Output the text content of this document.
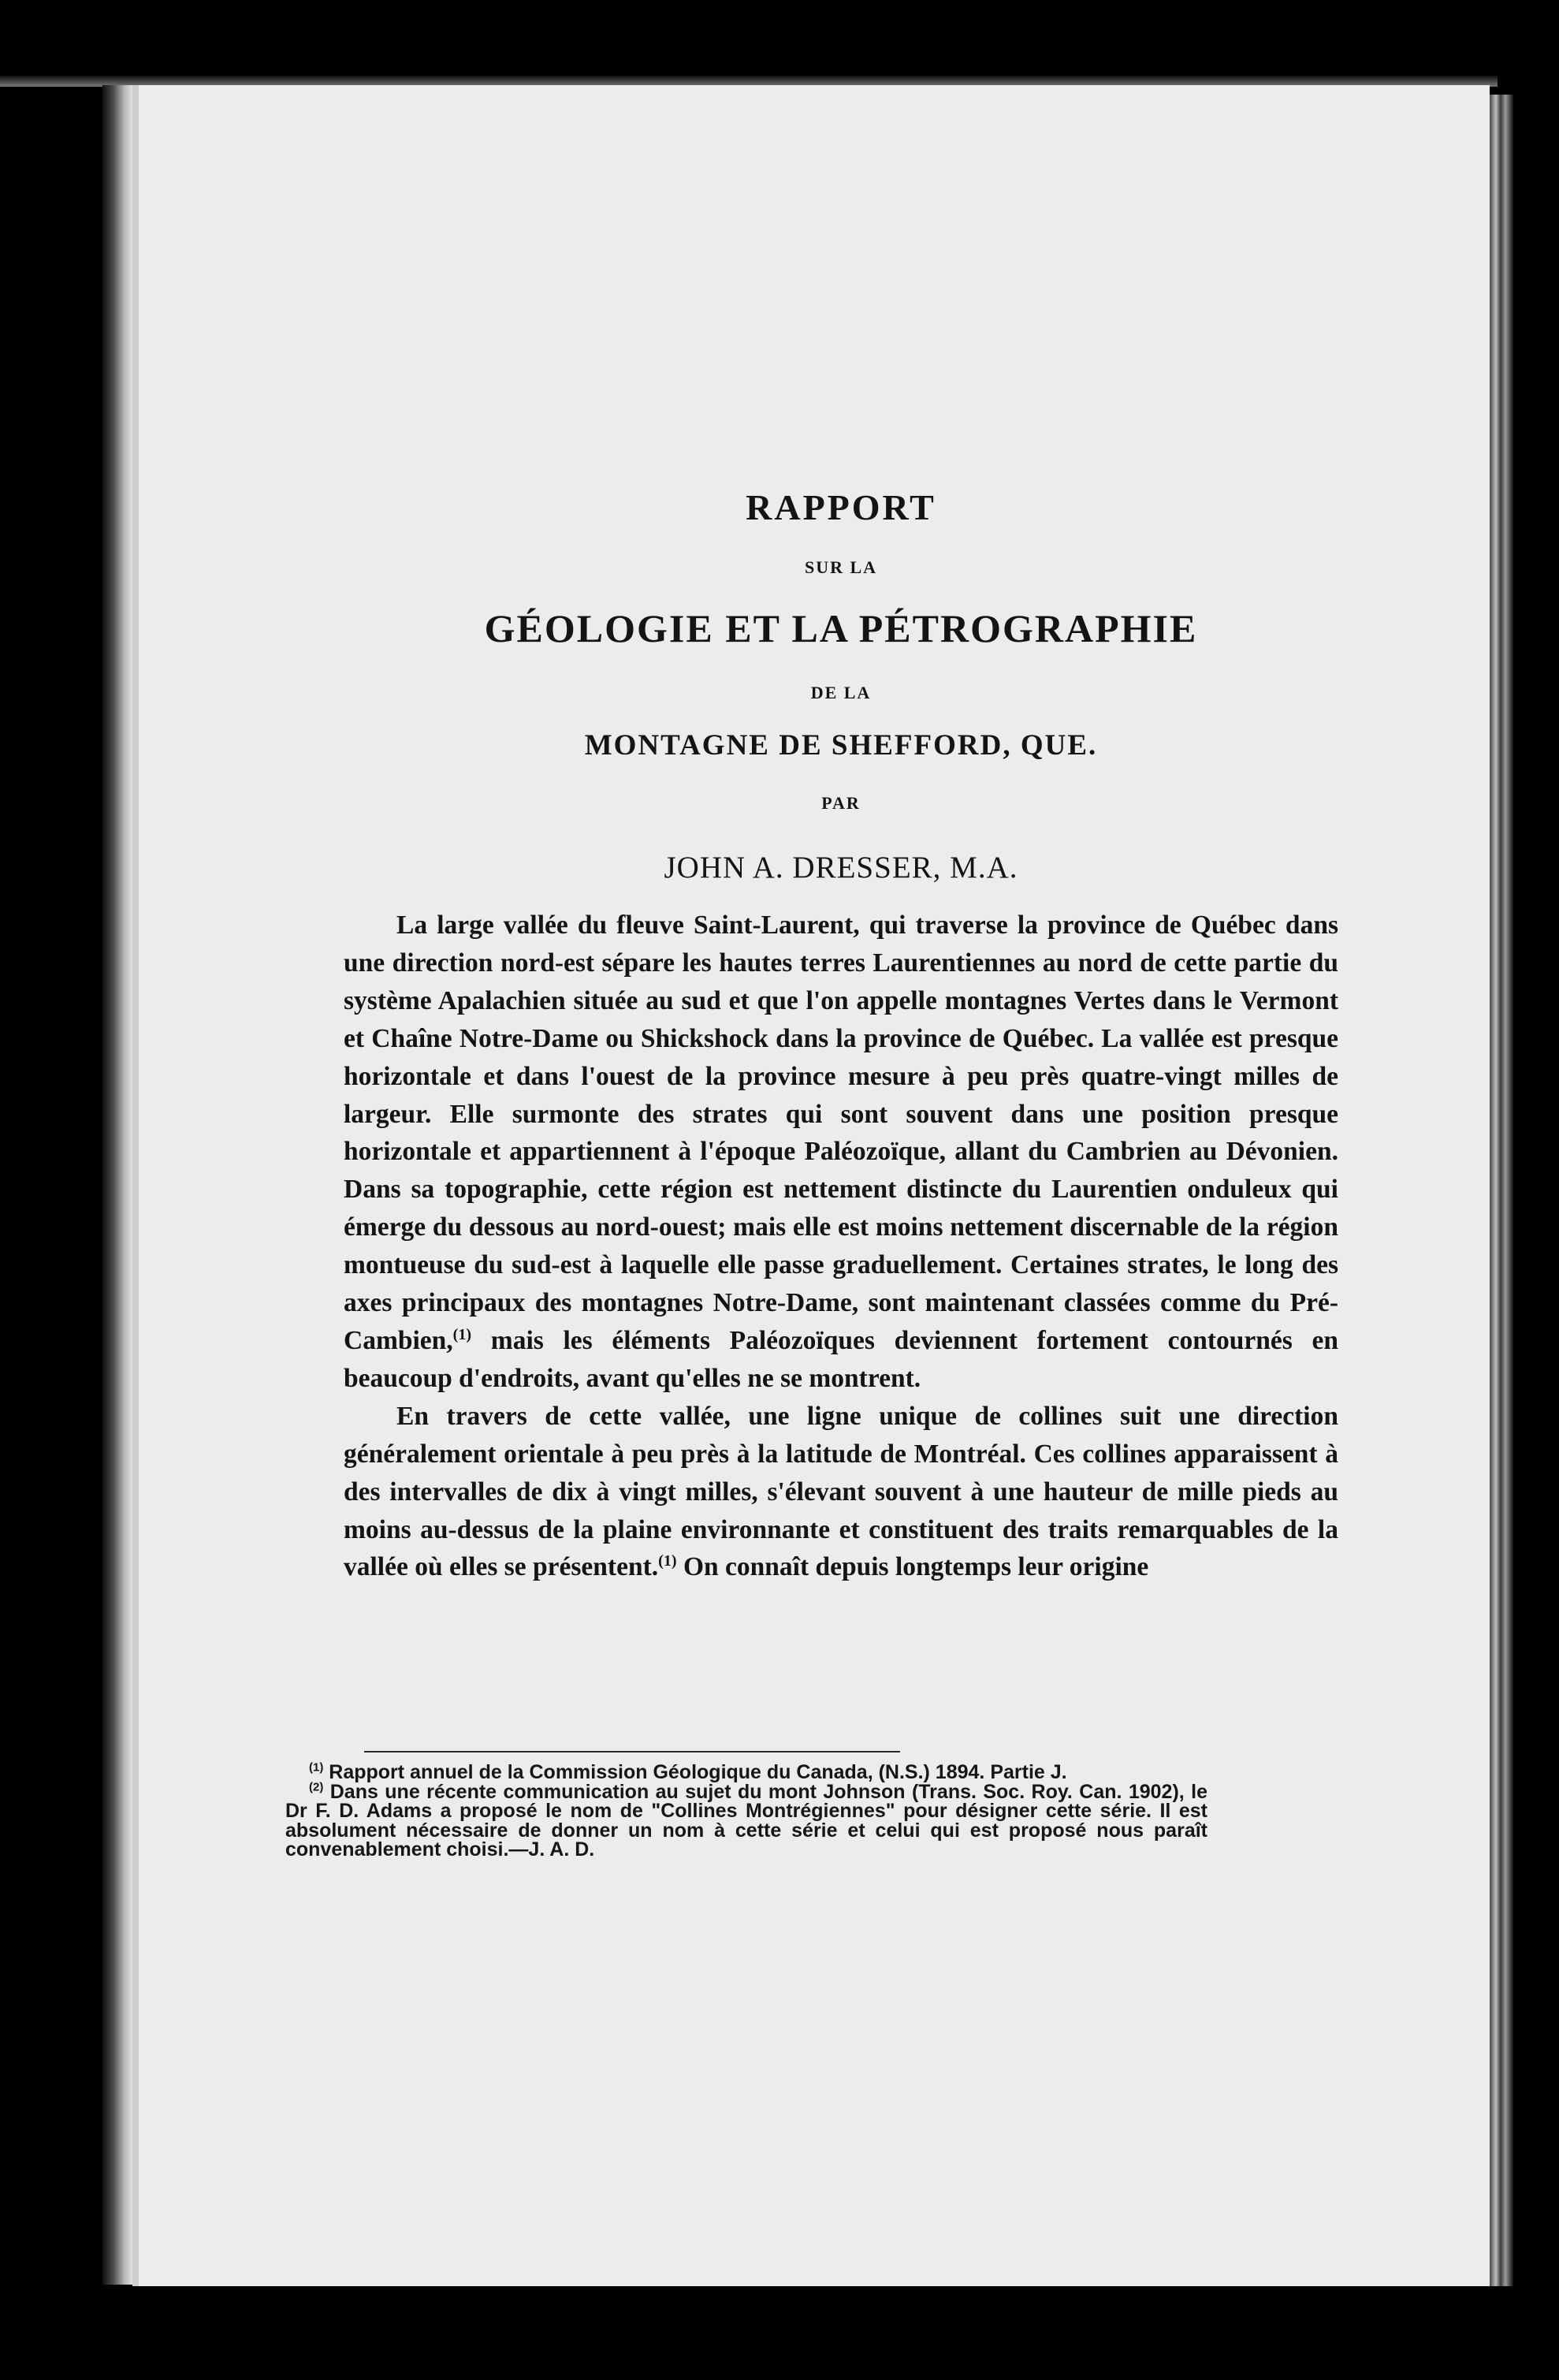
RAPPORT
SUR LA
GÉOLOGIE ET LA PÉTROGRAPHIE
DE LA
MONTAGNE DE SHEFFORD, QUE.
PAR
JOHN A. DRESSER, M.A.

La large vallée du fleuve Saint-Laurent, qui traverse la province de Québec dans une direction nord-est sépare les hautes terres Laurentiennes au nord de cette partie du système Apalachien située au sud et que l'on appelle montagnes Vertes dans le Vermont et Chaîne Notre-Dame ou Shickshock dans la province de Québec. La vallée est presque horizontale et dans l'ouest de la province mesure à peu près quatre-vingt milles de largeur. Elle surmonte des strates qui sont souvent dans une position presque horizontale et appartiennent à l'époque Paléozoïque, allant du Cambrien au Dévonien. Dans sa topographie, cette région est nettement distincte du Laurentien onduleux qui émerge du dessous au nord-ouest; mais elle est moins nettement discernable de la région montueuse du sud-est à laquelle elle passe graduellement. Certaines strates, le long des axes principaux des montagnes Notre-Dame, sont maintenant classées comme du Pré-Cambien,$^{(1)}$ mais les éléments Paléozoïques deviennent fortement contournés en beaucoup d'endroits, avant qu'elles ne se montrent.

En travers de cette vallée, une ligne unique de collines suit une direction généralement orientale à peu près à la latitude de Montréal. Ces collines apparaissent à des intervalles de dix à vingt milles, s'élevant souvent à une hauteur de mille pieds au moins au-dessus de la plaine environnante et constituent des traits remarquables de la vallée où elles se présentent.$^{(1)}$ On connaît depuis longtemps leur origine

$^{(1)}$ Rapport annuel de la Commission Géologique du Canada, (N.S.) 1894. Partie J.

$^{(2)}$ Dans une récente communication au sujet du mont Johnson (Trans. Soc. Roy. Can. 1902), le Dr F. D. Adams a proposé le nom de "Collines Montrégiennes" pour désigner cette série. Il est absolument nécessaire de donner un nom à cette série et celui qui est proposé nous paraît convenablement choisi.—J. A. D.
